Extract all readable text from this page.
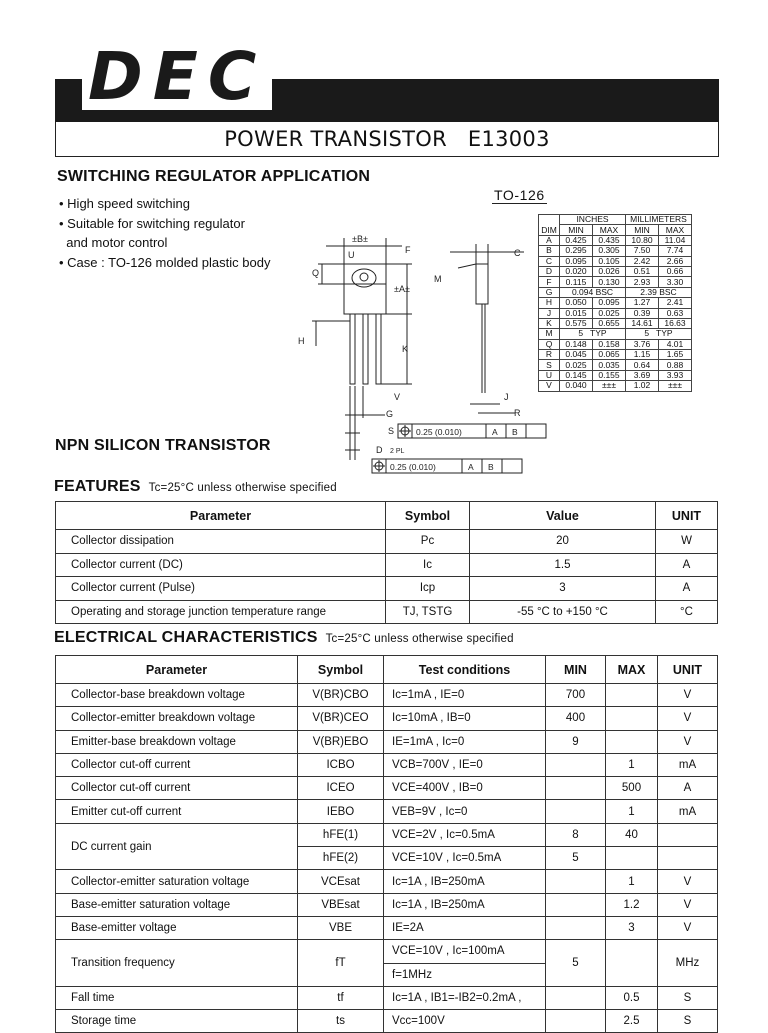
DEC
POWER TRANSISTOR   E13003
SWITCHING REGULATOR APPLICATION
• High speed switching
• Suitable for switching regulator
and motor control
• Case : TO-126 molded plastic body
TO-126
±B±
U	F
Q
±A±
H
K
V
G
S
D 2 PL
C
M
J
R
0.25 (0.010)	A B
0.25 (0.010)	A B
DIM	INCHES		MILLIMETERS	
	MIN	MAX	MIN	MAX
A	0.425	0.435	10.80	11.04
B	0.295	0.305	7.50	7.74
C	0.095	0.105	2.42	2.66
D	0.020	0.026	0.51	0.66
F	0.115	0.130	2.93	3.30
G	0.094 BSC		2.39 BSC	
H	0.050	0.095	1.27	2.41
J	0.015	0.025	0.39	0.63
K	0.575	0.655	14.61	16.63
M	5   TYP		5   TYP	
Q	0.148	0.158	3.76	4.01
R	0.045	0.065	1.15	1.65
S	0.025	0.035	0.64	0.88
U	0.145	0.155	3.69	3.93
V	0.040	±±±	1.02	±±±
NPN SILICON TRANSISTOR
FEATURES Tc=25°C unless otherwise specified
Parameter	Symbol	Value	UNIT
Collector dissipation	Pc	20	W
Collector current (DC)	Ic	1.5	A
Collector current (Pulse)	Icp	3	A
Operating and storage junction temperature range	TJ, TSTG	-55 °C to +150 °C	°C
ELECTRICAL CHARACTERISTICS Tc=25°C unless otherwise specified
Parameter	Symbol	Test conditions	MIN	MAX	UNIT
Collector-base breakdown voltage	V(BR)CBO	Ic=1mA , IE=0	700		V
Collector-emitter breakdown voltage	V(BR)CEO	Ic=10mA , IB=0	400		V
Emitter-base breakdown voltage	V(BR)EBO	IE=1mA , Ic=0	9		V
Collector cut-off current	ICBO	VCB=700V , IE=0		1	mA
Collector cut-off current	ICEO	VCE=400V , IB=0		500	A
Emitter cut-off current	IEBO	VEB=9V , Ic=0		1	mA
DC current gain	hFE(1)	VCE=2V , Ic=0.5mA	8	40	
	hFE(2)	VCE=10V , Ic=0.5mA	5		
Collector-emitter saturation voltage	VCEsat	Ic=1A , IB=250mA		1	V
Base-emitter saturation voltage	VBEsat	Ic=1A , IB=250mA		1.2	V
Base-emitter voltage	VBE	IE=2A		3	V
Transition frequency	fT	VCE=10V , Ic=100mA	5		MHz
		f=1MHz			
Fall time	tf	Ic=1A , IB1=-IB2=0.2mA ,		0.5	S
Storage time	ts	Vcc=100V		2.5	S
